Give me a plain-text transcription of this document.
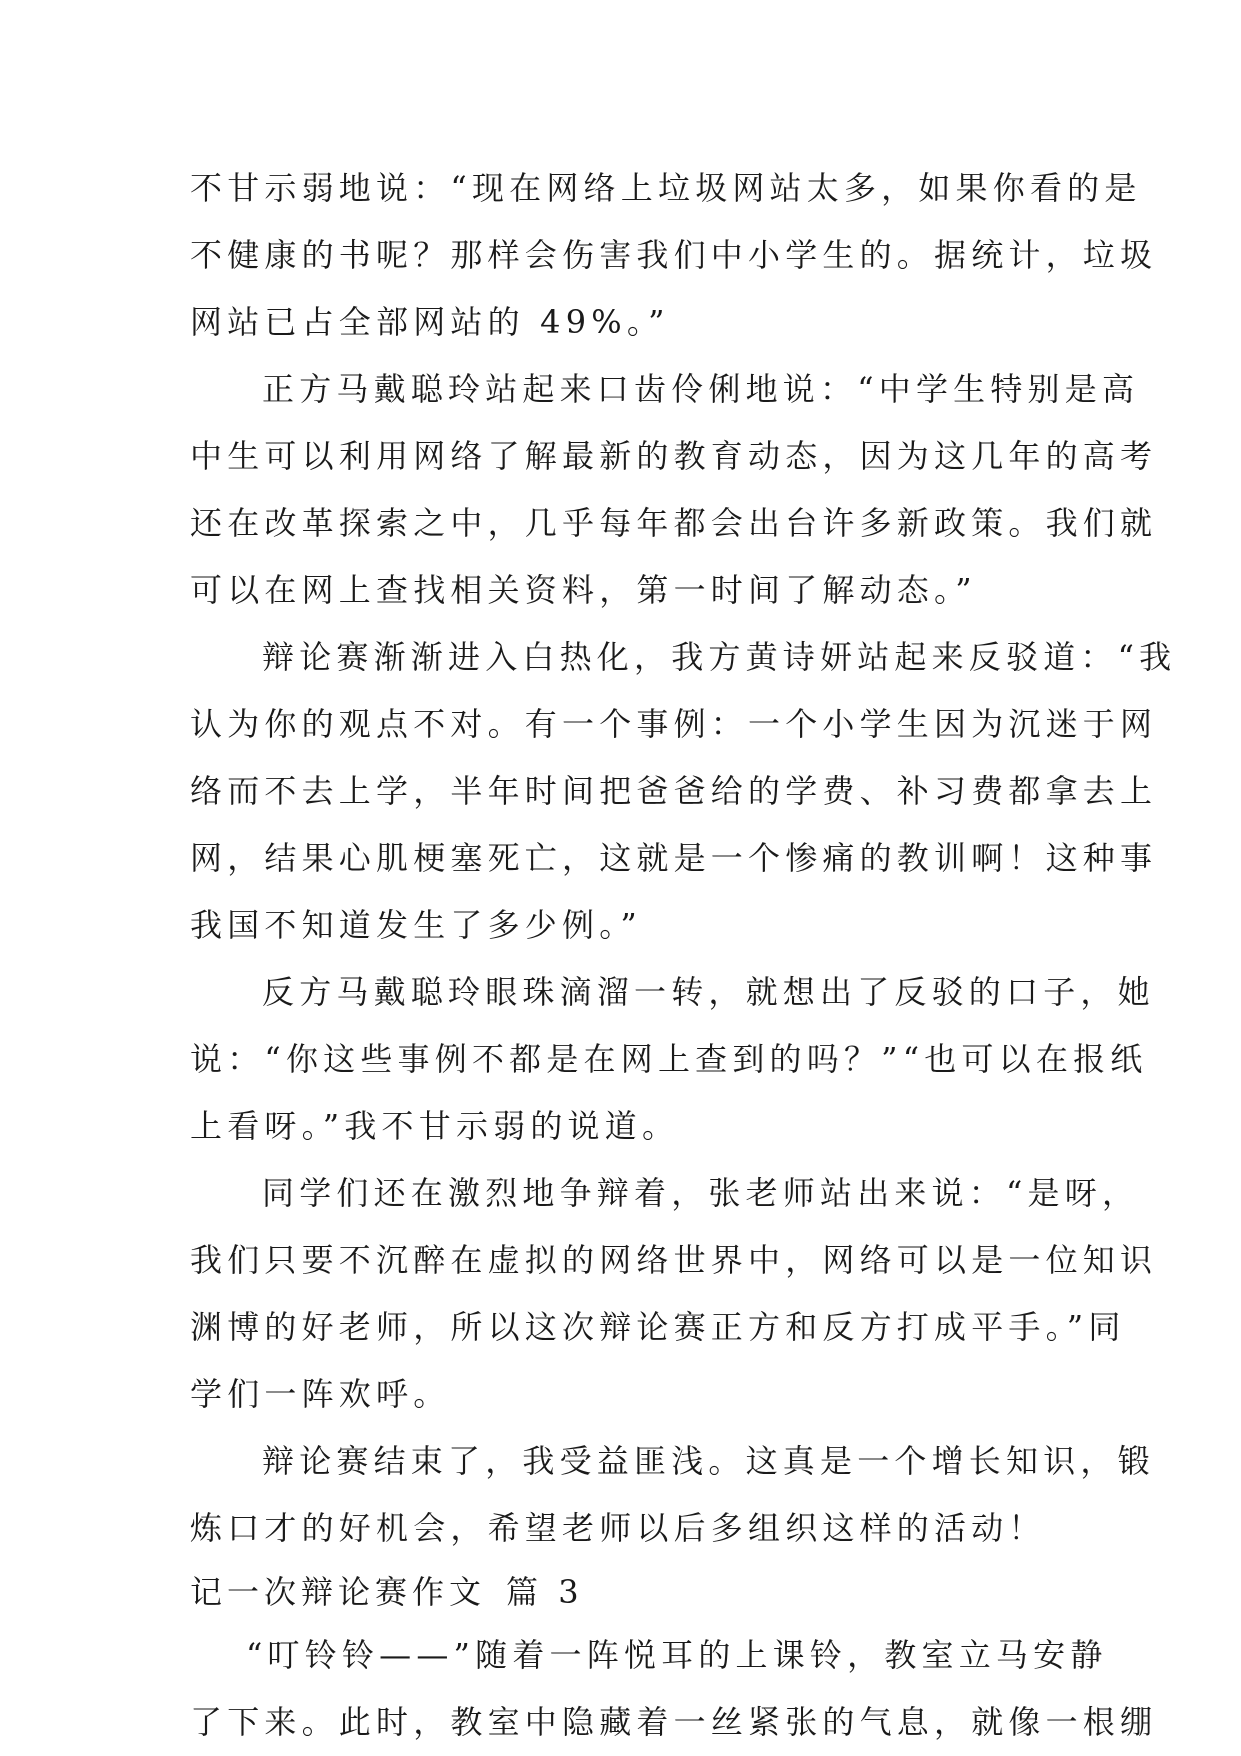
不甘示弱地说：“现在网络上垃圾网站太多，如果你看的是
不健康的书呢？那样会伤害我们中小学生的。据统计，垃圾
网站已占全部网站的 49%。”
正方马戴聪玲站起来口齿伶俐地说：“中学生特别是高
中生可以利用网络了解最新的教育动态，因为这几年的高考
还在改革探索之中，几乎每年都会出台许多新政策。我们就
可以在网上查找相关资料，第一时间了解动态。”
辩论赛渐渐进入白热化，我方黄诗妍站起来反驳道：“我
认为你的观点不对。有一个事例：一个小学生因为沉迷于网
络而不去上学，半年时间把爸爸给的学费、补习费都拿去上
网，结果心肌梗塞死亡，这就是一个惨痛的教训啊！这种事
我国不知道发生了多少例。”
反方马戴聪玲眼珠滴溜一转，就想出了反驳的口子，她
说：“你这些事例不都是在网上查到的吗？”“也可以在报纸
上看呀。”我不甘示弱的说道。
同学们还在激烈地争辩着，张老师站出来说：“是呀，
我们只要不沉醉在虚拟的网络世界中，网络可以是一位知识
渊博的好老师，所以这次辩论赛正方和反方打成平手。”同
学们一阵欢呼。
辩论赛结束了，我受益匪浅。这真是一个增长知识，锻
炼口才的好机会，希望老师以后多组织这样的活动！
记一次辩论赛作文 篇 3
“叮铃铃——”随着一阵悦耳的上课铃，教室立马安静
了下来。此时，教室中隐藏着一丝紧张的气息，就像一根绷
